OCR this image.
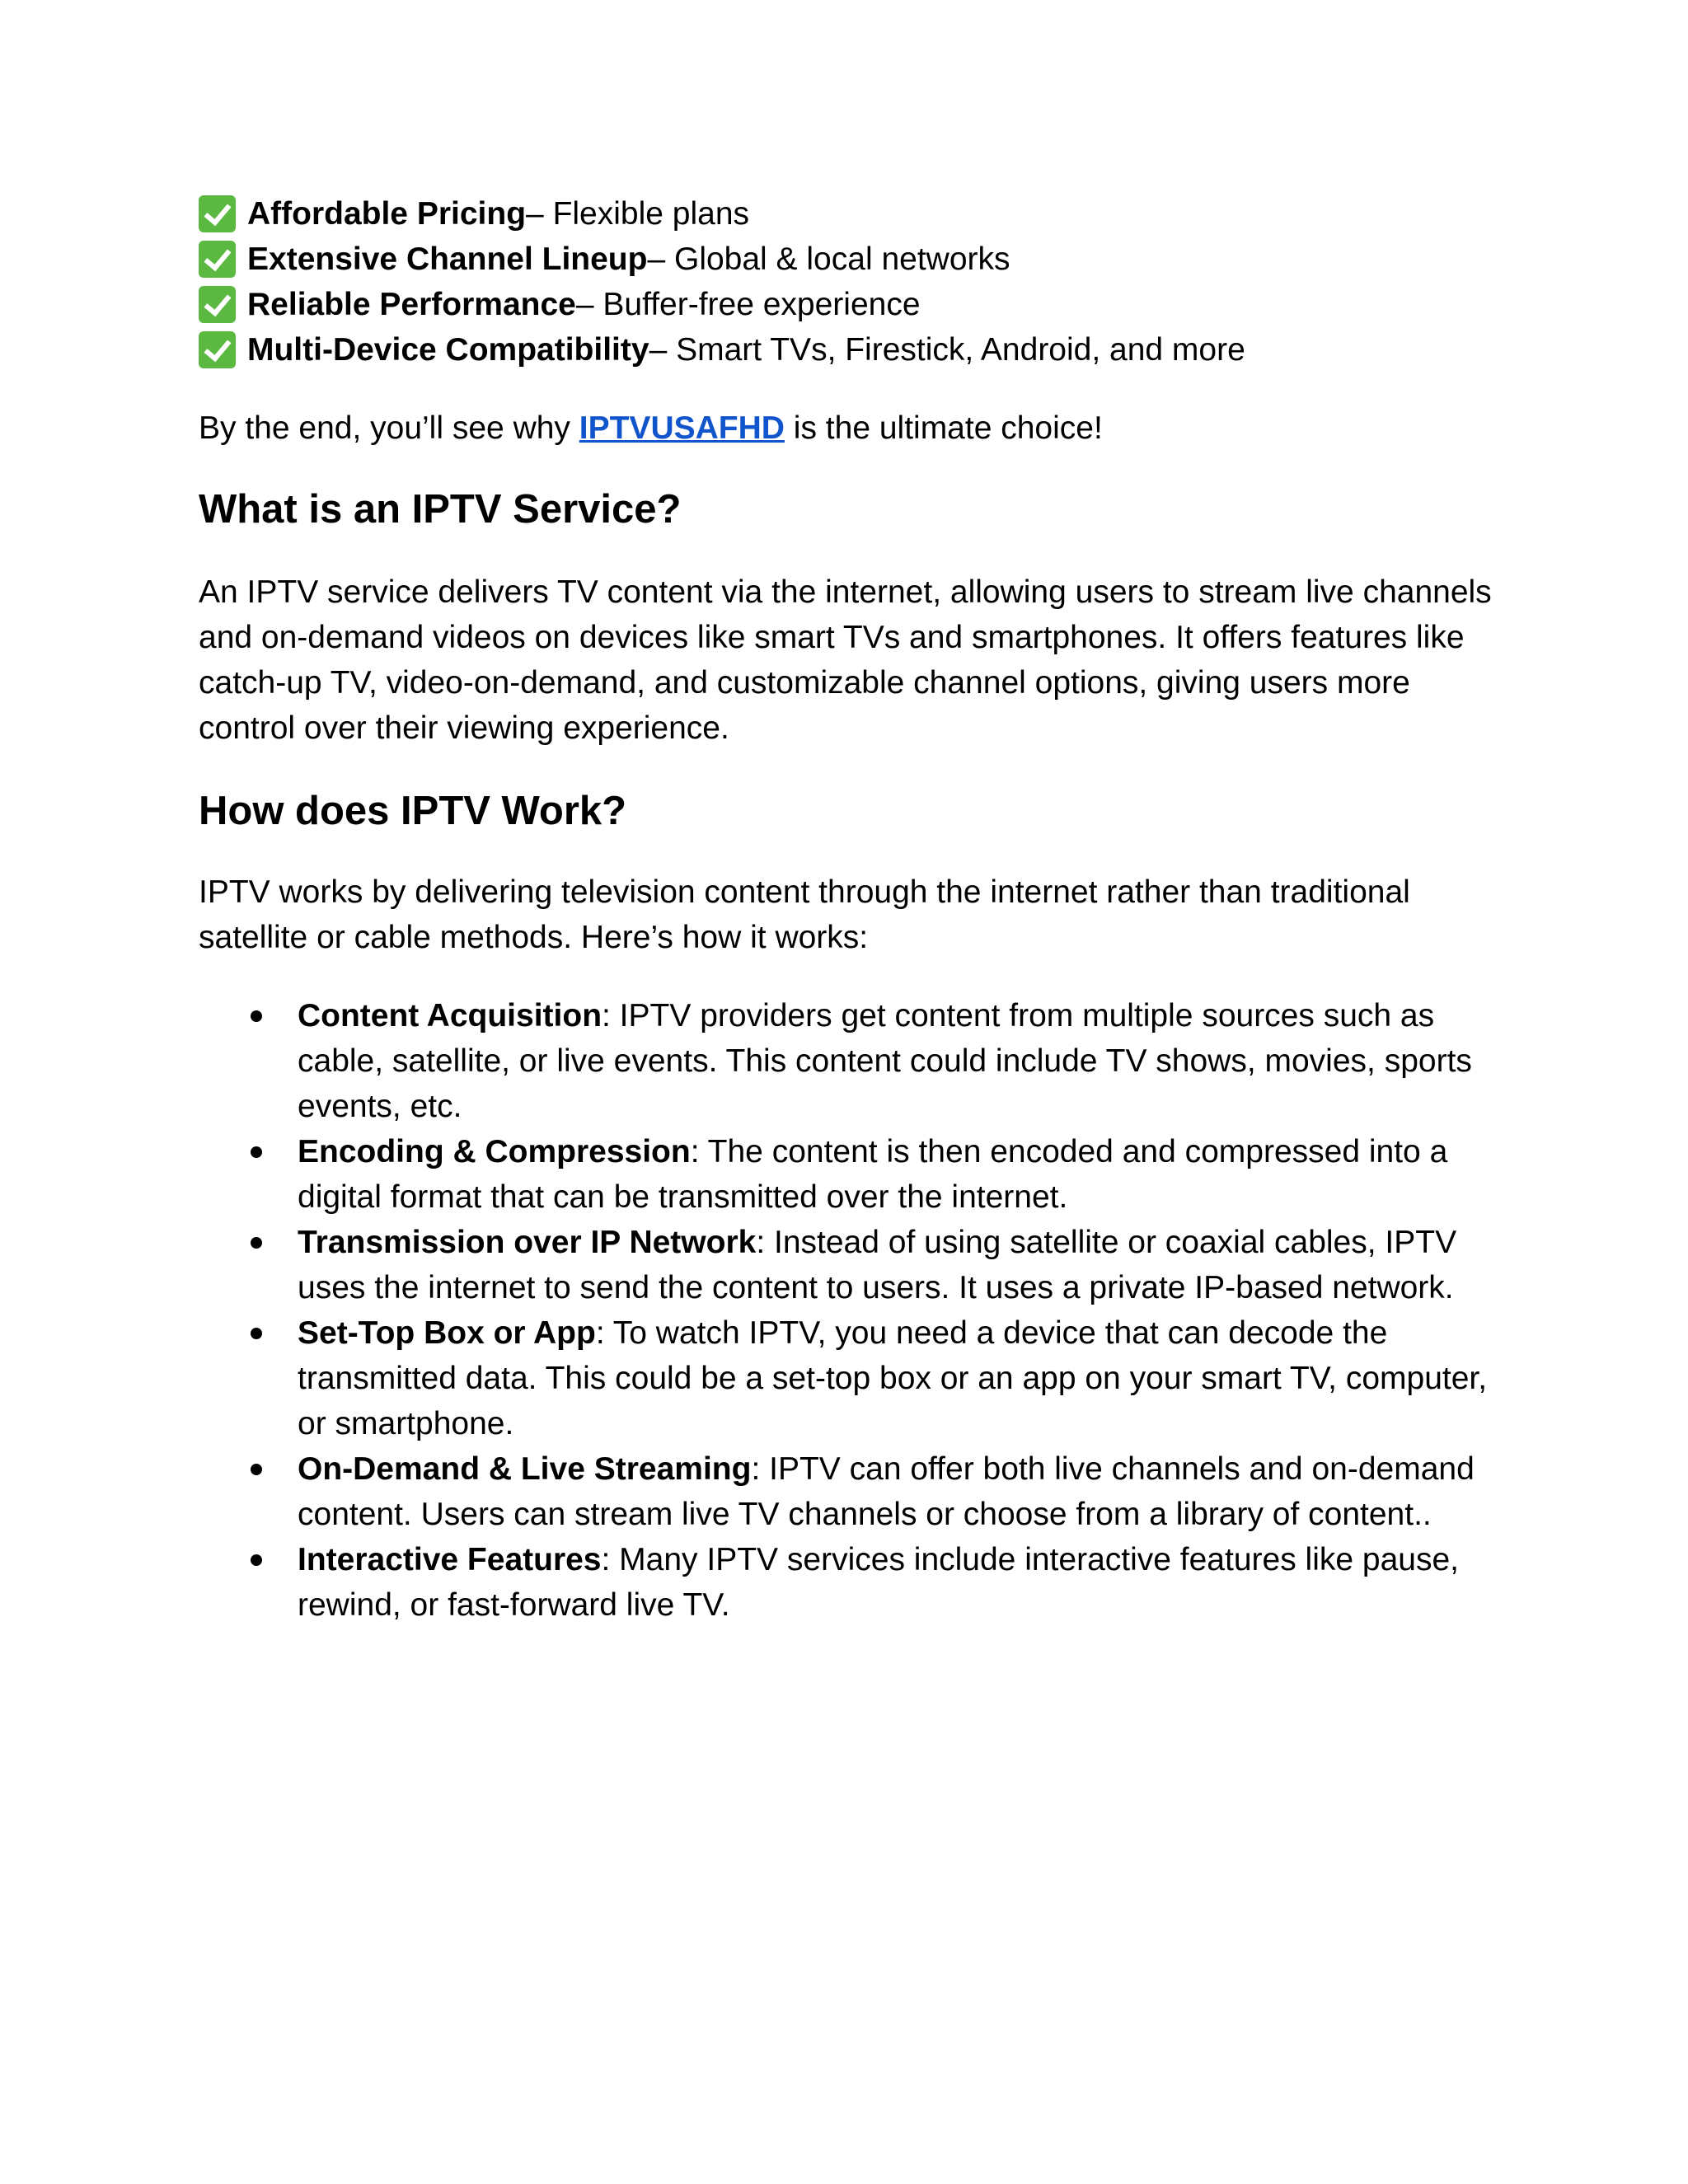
Affordable Pricing – Flexible plans
Extensive Channel Lineup – Global & local networks
Reliable Performance – Buffer-free experience
Multi-Device Compatibility – Smart TVs, Firestick, Android, and more

By the end, you’ll see why IPTVUSAFHD is the ultimate choice!

What is an IPTV Service?

An IPTV service delivers TV content via the internet, allowing users to stream live channels and on-demand videos on devices like smart TVs and smartphones. It offers features like catch-up TV, video-on-demand, and customizable channel options, giving users more control over their viewing experience.

How does IPTV Work?

IPTV works by delivering television content through the internet rather than traditional satellite or cable methods. Here’s how it works:

Content Acquisition: IPTV providers get content from multiple sources such as cable, satellite, or live events. This content could include TV shows, movies, sports events, etc.
Encoding & Compression: The content is then encoded and compressed into a digital format that can be transmitted over the internet.
Transmission over IP Network: Instead of using satellite or coaxial cables, IPTV uses the internet to send the content to users. It uses a private IP-based network.
Set-Top Box or App: To watch IPTV, you need a device that can decode the transmitted data. This could be a set-top box or an app on your smart TV, computer, or smartphone.
On-Demand & Live Streaming: IPTV can offer both live channels and on-demand content. Users can stream live TV channels or choose from a library of content..
Interactive Features: Many IPTV services include interactive features like pause, rewind, or fast-forward live TV.
